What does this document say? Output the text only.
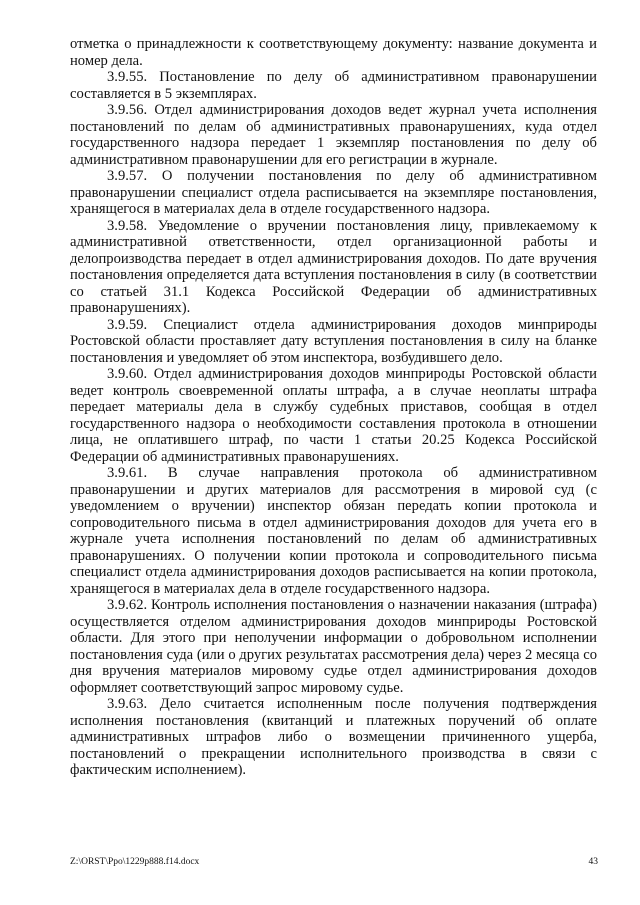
отметка о принадлежности к соответствующему документу: название документа и номер дела.

3.9.55. Постановление по делу об административном правонарушении составляется в 5 экземплярах.

3.9.56. Отдел администрирования доходов ведет журнал учета исполнения постановлений по делам об административных правонарушениях, куда отдел государственного надзора передает 1 экземпляр постановления по делу об административном правонарушении для его регистрации в журнале.

3.9.57. О получении постановления по делу об административном правонарушении специалист отдела расписывается на экземпляре постановления, хранящегося в материалах дела в отделе государственного надзора.

3.9.58. Уведомление о вручении постановления лицу, привлекаемому к административной ответственности, отдел организационной работы и делопроизводства передает в отдел администрирования доходов. По дате вручения постановления определяется дата вступления постановления в силу (в соответствии со статьей 31.1 Кодекса Российской Федерации об административных правонарушениях).

3.9.59. Специалист отдела администрирования доходов минприроды Ростовской области проставляет дату вступления постановления в силу на бланке постановления и уведомляет об этом инспектора, возбудившего дело.

3.9.60. Отдел администрирования доходов минприроды Ростовской области ведет контроль своевременной оплаты штрафа, а в случае неоплаты штрафа передает материалы дела в службу судебных приставов, сообщая в отдел государственного надзора о необходимости составления протокола в отношении лица, не оплатившего штраф, по части 1 статьи 20.25 Кодекса Российской Федерации об административных правонарушениях.

3.9.61. В случае направления протокола об административном правонарушении и других материалов для рассмотрения в мировой суд (с уведомлением о вручении) инспектор обязан передать копии протокола и сопроводительного письма в отдел администрирования доходов для учета его в журнале учета исполнения постановлений по делам об административных правонарушениях. О получении копии протокола и сопроводительного письма специалист отдела администрирования доходов расписывается на копии протокола, хранящегося в материалах дела в отделе государственного надзора.

3.9.62. Контроль исполнения постановления о назначении наказания (штрафа) осуществляется отделом администрирования доходов минприроды Ростовской области. Для этого при неполучении информации о добровольном исполнении постановления суда (или о других результатах рассмотрения дела) через 2 месяца со дня вручения материалов мировому судье отдел администрирования доходов оформляет соответствующий запрос мировому судье.

3.9.63. Дело считается исполненным после получения подтверждения исполнения постановления (квитанций и платежных поручений об оплате административных штрафов либо о возмещении причиненного ущерба, постановлений о прекращении исполнительного производства в связи с фактическим исполнением).

Z:\ORST\Ppo\1229p888.f14.docx	43
